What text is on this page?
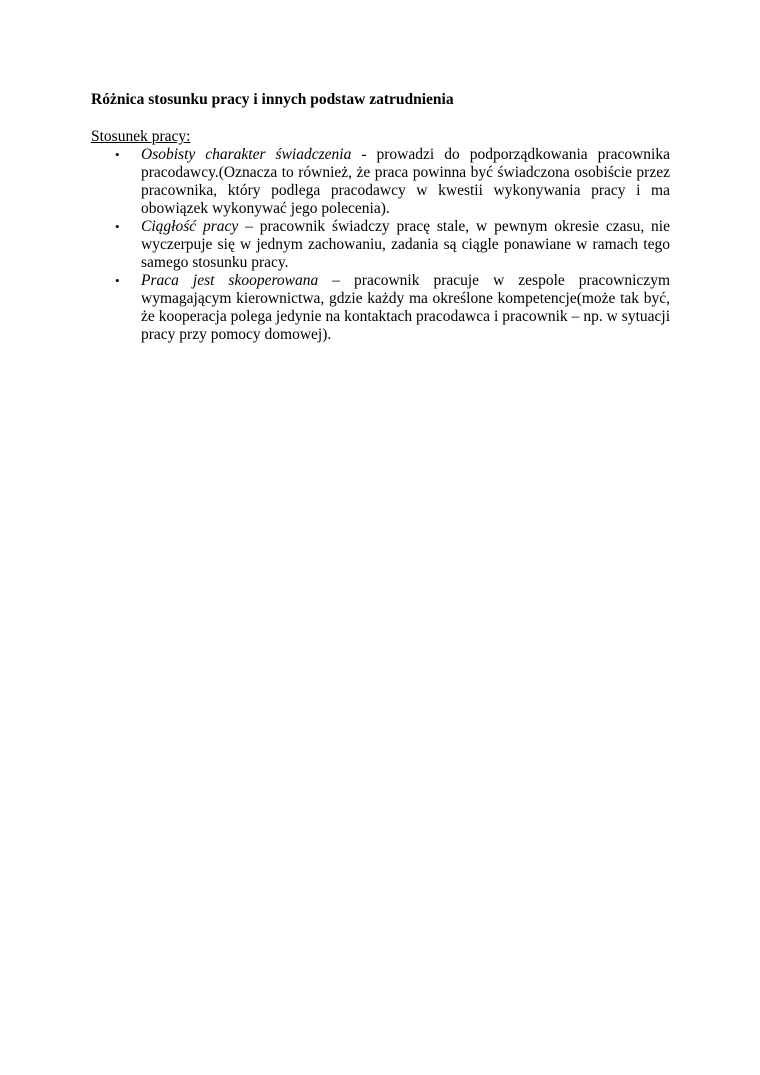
Różnica stosunku pracy i innych podstaw zatrudnienia

Stosunek pracy:
• Osobisty charakter świadczenia - prowadzi do podporządkowania pracownika pracodawcy.(Oznacza to również, że praca powinna być świadczona osobiście przez pracownika, który podlega pracodawcy w kwestii wykonywania pracy i ma obowiązek wykonywać jego polecenia).
• Ciągłość pracy – pracownik świadczy pracę stale, w pewnym okresie czasu, nie wyczerpuje się w jednym zachowaniu, zadania są ciągle ponawiane w ramach tego samego stosunku pracy.
• Praca jest skooperowana – pracownik pracuje w zespole pracowniczym wymagającym kierownictwa, gdzie każdy ma określone kompetencje(może tak być, że kooperacja polega jedynie na kontaktach pracodawca i pracownik – np. w sytuacji pracy przy pomocy domowej).
